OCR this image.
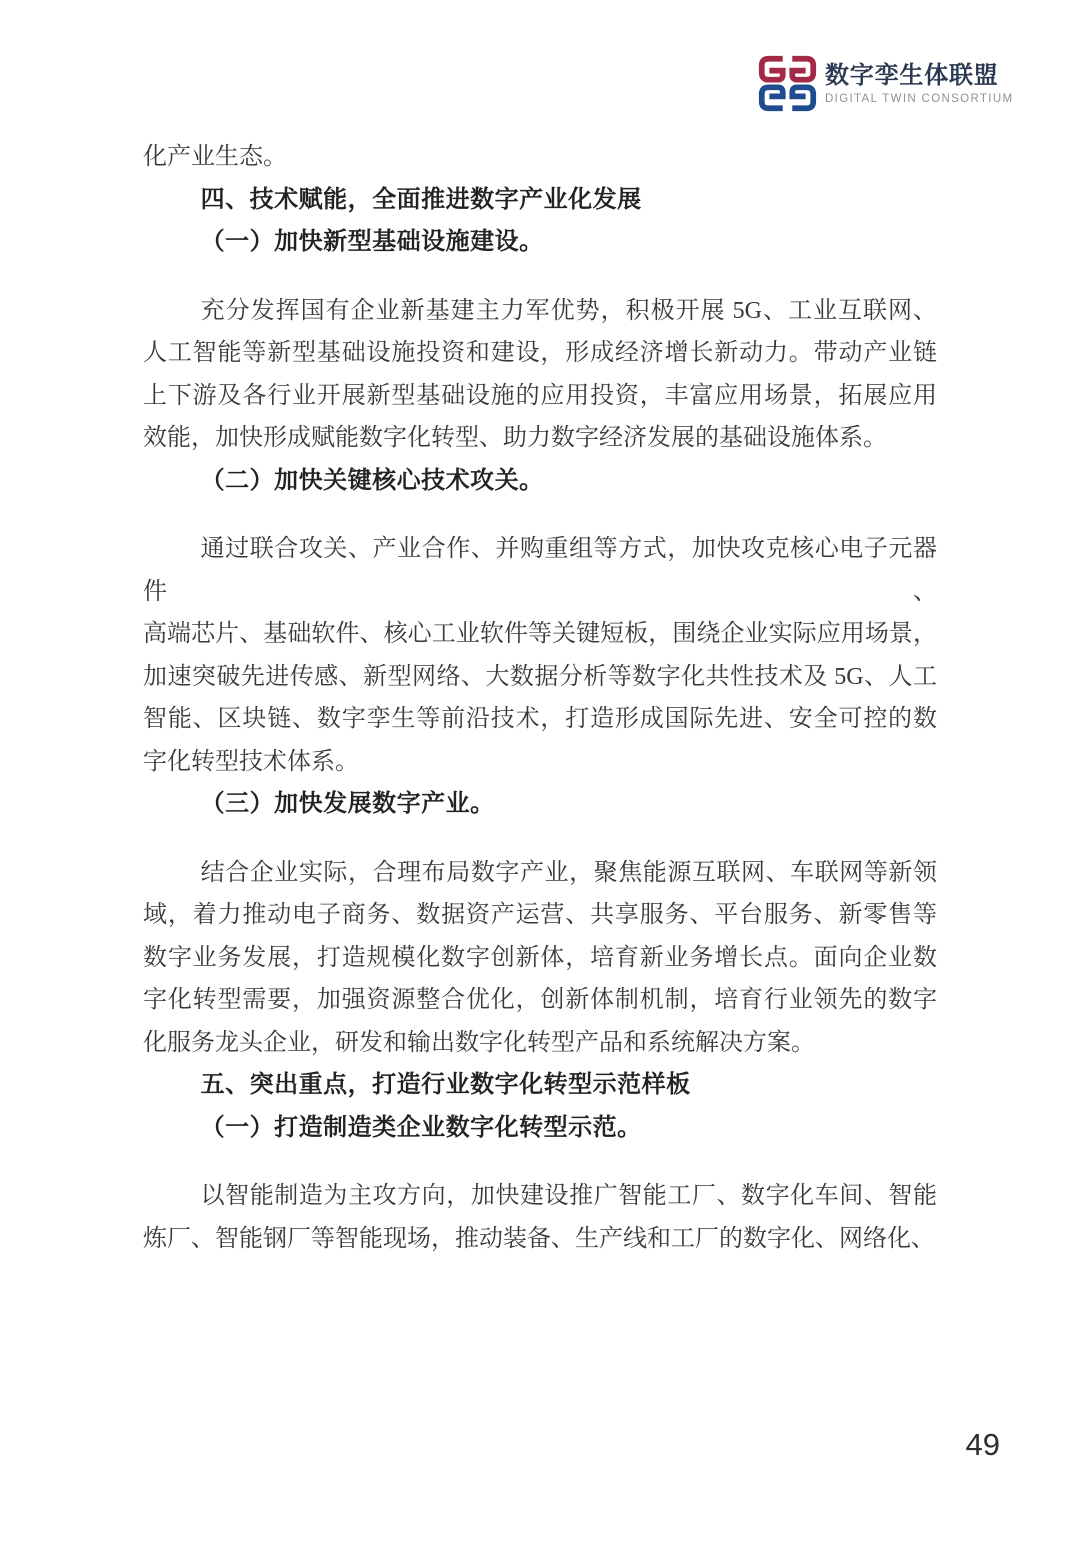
数字孪生体联盟
DIGITAL TWIN CONSORTIUM
化产业生态。
四、技术赋能，全面推进数字产业化发展
（一）加快新型基础设施建设。
充分发挥国有企业新基建主力军优势，积极开展 5G、工业互联网、
人工智能等新型基础设施投资和建设，形成经济增长新动力。带动产业链
上下游及各行业开展新型基础设施的应用投资，丰富应用场景，拓展应用
效能，加快形成赋能数字化转型、助力数字经济发展的基础设施体系。
（二）加快关键核心技术攻关。
通过联合攻关、产业合作、并购重组等方式，加快攻克核心电子元器件、
高端芯片、基础软件、核心工业软件等关键短板，围绕企业实际应用场景，
加速突破先进传感、新型网络、大数据分析等数字化共性技术及 5G、人工
智能、区块链、数字孪生等前沿技术，打造形成国际先进、安全可控的数
字化转型技术体系。
（三）加快发展数字产业。
结合企业实际，合理布局数字产业，聚焦能源互联网、车联网等新领
域，着力推动电子商务、数据资产运营、共享服务、平台服务、新零售等
数字业务发展，打造规模化数字创新体，培育新业务增长点。面向企业数
字化转型需要，加强资源整合优化，创新体制机制，培育行业领先的数字
化服务龙头企业，研发和输出数字化转型产品和系统解决方案。
五、突出重点，打造行业数字化转型示范样板
（一）打造制造类企业数字化转型示范。
以智能制造为主攻方向，加快建设推广智能工厂、数字化车间、智能
炼厂、智能钢厂等智能现场，推动装备、生产线和工厂的数字化、网络化、
49
